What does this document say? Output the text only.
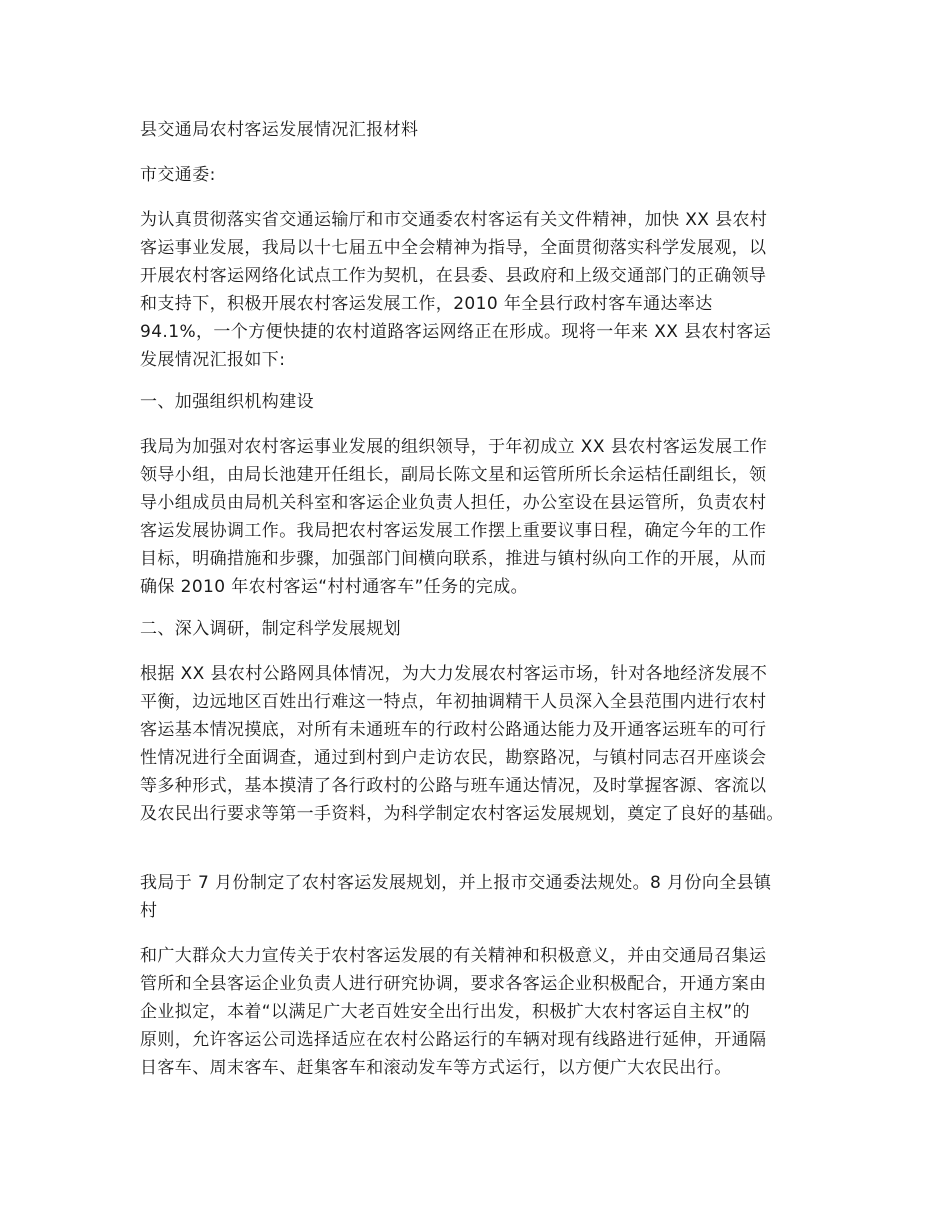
县交通局农村客运发展情况汇报材料
市交通委:
为认真贯彻落实省交通运输厅和市交通委农村客运有关文件精神，加快 XX 县农村
客运事业发展，我局以十七届五中全会精神为指导，全面贯彻落实科学发展观，以
开展农村客运网络化试点工作为契机，在县委、县政府和上级交通部门的正确领导
和支持下，积极开展农村客运发展工作，2010 年全县行政村客车通达率达
94.1%，一个方便快捷的农村道路客运网络正在形成。现将一年来 XX 县农村客运
发展情况汇报如下:
一、加强组织机构建设
我局为加强对农村客运事业发展的组织领导，于年初成立 XX 县农村客运发展工作
领导小组，由局长池建开任组长，副局长陈文星和运管所所长余运桔任副组长，领
导小组成员由局机关科室和客运企业负责人担任，办公室设在县运管所，负责农村
客运发展协调工作。我局把农村客运发展工作摆上重要议事日程，确定今年的工作
目标，明确措施和步骤，加强部门间横向联系，推进与镇村纵向工作的开展，从而
确保 2010 年农村客运“村村通客车”任务的完成。
二、深入调研，制定科学发展规划
根据 XX 县农村公路网具体情况，为大力发展农村客运市场，针对各地经济发展不
平衡，边远地区百姓出行难这一特点，年初抽调精干人员深入全县范围内进行农村
客运基本情况摸底，对所有未通班车的行政村公路通达能力及开通客运班车的可行
性情况进行全面调查，通过到村到户走访农民，勘察路况，与镇村同志召开座谈会
等多种形式，基本摸清了各行政村的公路与班车通达情况，及时掌握客源、客流以
及农民出行要求等第一手资料，为科学制定农村客运发展规划，奠定了良好的基础。
我局于 7 月份制定了农村客运发展规划，并上报市交通委法规处。8 月份向全县镇
村
和广大群众大力宣传关于农村客运发展的有关精神和积极意义，并由交通局召集运
管所和全县客运企业负责人进行研究协调，要求各客运企业积极配合，开通方案由
企业拟定，本着“以满足广大老百姓安全出行出发，积极扩大农村客运自主权”的
原则，允许客运公司选择适应在农村公路运行的车辆对现有线路进行延伸，开通隔
日客车、周末客车、赶集客车和滚动发车等方式运行，以方便广大农民出行。
